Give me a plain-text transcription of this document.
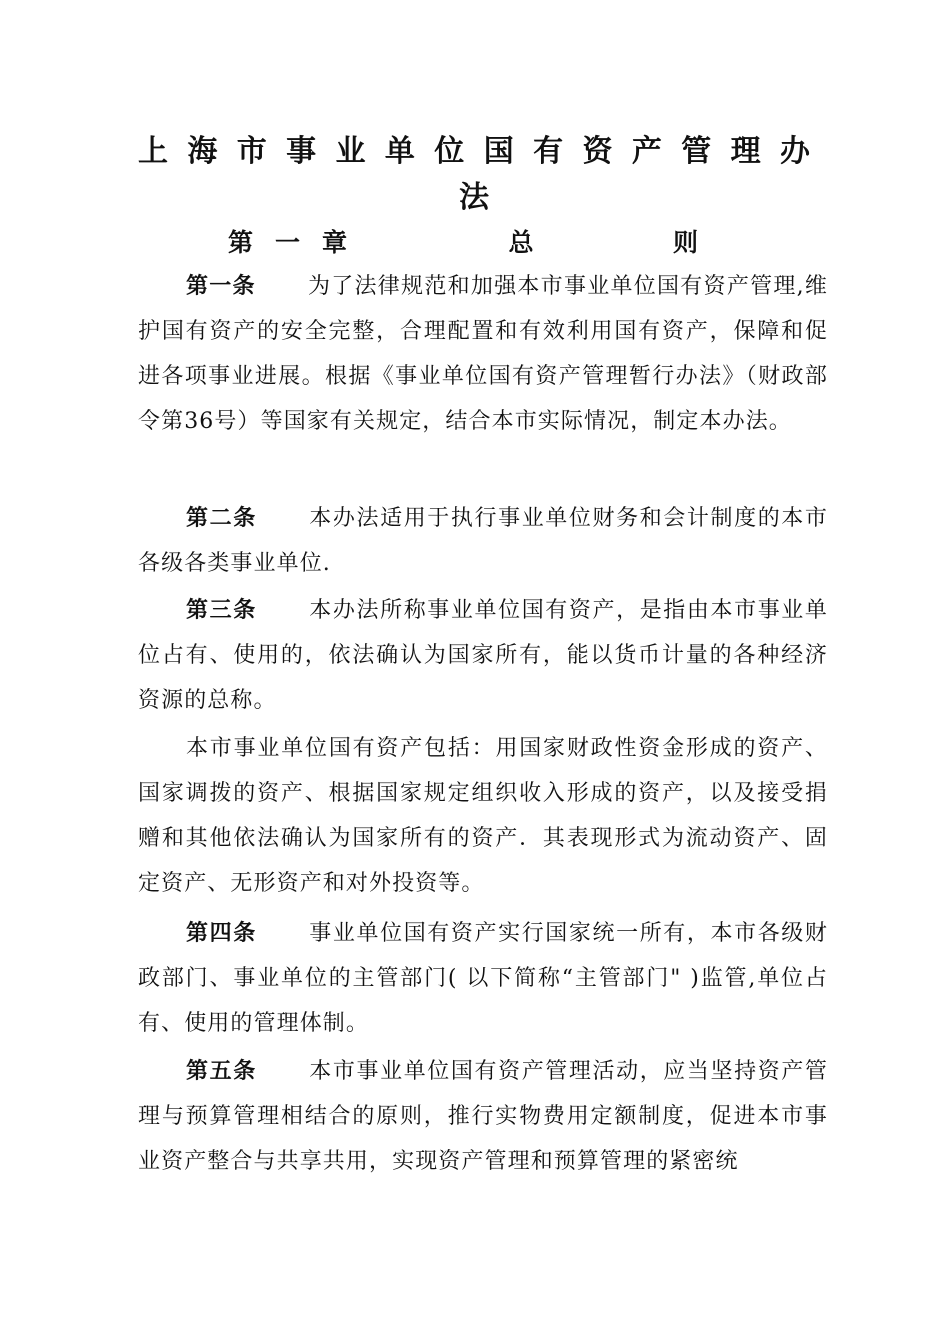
上海市事业单位国有资产管理办
法
第一章	总	则

第一条 为了法律规范和加强本市事业单位国有资产管理,维护国有资产的安全完整，合理配置和有效利用国有资产，保障和促进各项事业进展。根据《事业单位国有资产管理暂行办法》（财政部令第36号）等国家有关规定，结合本市实际情况，制定本办法。

第二条 本办法适用于执行事业单位财务和会计制度的本市各级各类事业单位.

第三条 本办法所称事业单位国有资产，是指由本市事业单位占有、使用的，依法确认为国家所有，能以货币计量的各种经济资源的总称。

本市事业单位国有资产包括：用国家财政性资金形成的资产、国家调拨的资产、根据国家规定组织收入形成的资产，以及接受捐赠和其他依法确认为国家所有的资产．其表现形式为流动资产、固定资产、无形资产和对外投资等。

第四条 事业单位国有资产实行国家统一所有，本市各级财政部门、事业单位的主管部门( 以下简称“主管部门" )监管,单位占有、使用的管理体制。

第五条 本市事业单位国有资产管理活动，应当坚持资产管理与预算管理相结合的原则，推行实物费用定额制度，促进本市事业资产整合与共享共用，实现资产管理和预算管理的紧密统
